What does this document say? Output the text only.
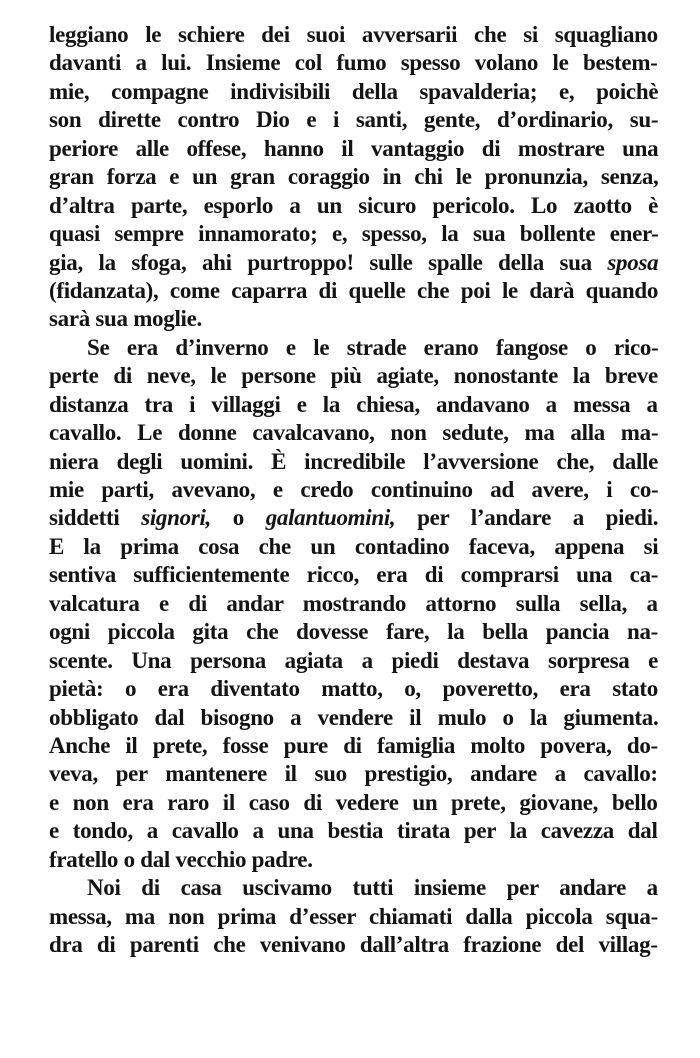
leggiano le schiere dei suoi avversarii che si squagliano
davanti a lui. Insieme col fumo spesso volano le bestem-
mie, compagne indivisibili della spavalderia; e, poichè
son dirette contro Dio e i santi, gente, d’ordinario, su-
periore alle offese, hanno il vantaggio di mostrare una
gran forza e un gran coraggio in chi le pronunzia, senza,
d’altra parte, esporlo a un sicuro pericolo. Lo zaotto è
quasi sempre innamorato; e, spesso, la sua bollente ener-
gia, la sfoga, ahi purtroppo! sulle spalle della sua sposa
(fidanzata), come caparra di quelle che poi le darà quando
sarà sua moglie.
Se era d’inverno e le strade erano fangose o rico-
perte di neve, le persone più agiate, nonostante la breve
distanza tra i villaggi e la chiesa, andavano a messa a
cavallo. Le donne cavalcavano, non sedute, ma alla ma-
niera degli uomini. È incredibile l’avversione che, dalle
mie parti, avevano, e credo continuino ad avere, i co-
siddetti signori, o galantuomini, per l’andare a piedi.
E la prima cosa che un contadino faceva, appena si
sentiva sufficientemente ricco, era di comprarsi una ca-
valcatura e di andar mostrando attorno sulla sella, a
ogni piccola gita che dovesse fare, la bella pancia na-
scente. Una persona agiata a piedi destava sorpresa e
pietà: o era diventato matto, o, poveretto, era stato
obbligato dal bisogno a vendere il mulo o la giumenta.
Anche il prete, fosse pure di famiglia molto povera, do-
veva, per mantenere il suo prestigio, andare a cavallo:
e non era raro il caso di vedere un prete, giovane, bello
e tondo, a cavallo a una bestia tirata per la cavezza dal
fratello o dal vecchio padre.
Noi di casa uscivamo tutti insieme per andare a
messa, ma non prima d’esser chiamati dalla piccola squa-
dra di parenti che venivano dall’altra frazione del villag-
